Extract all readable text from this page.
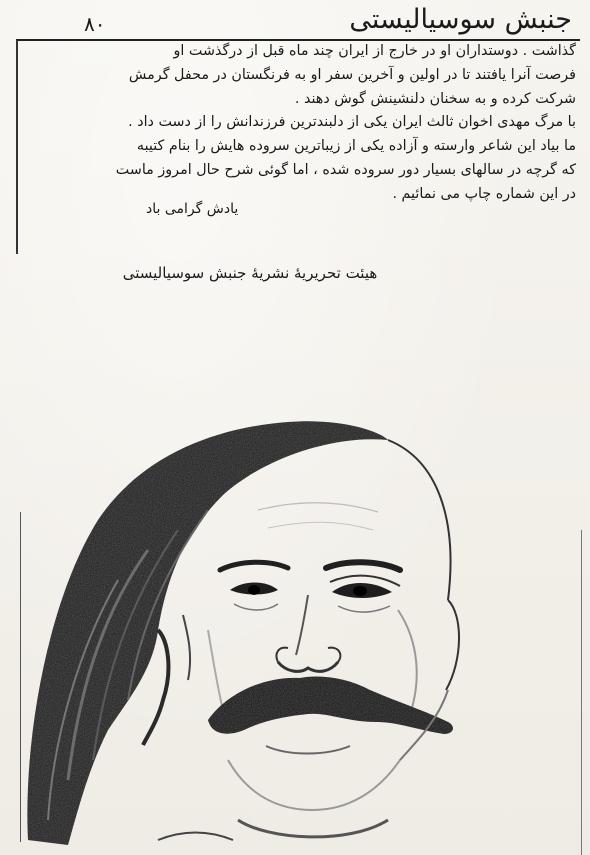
۸۰	جنبش سوسیالیستی
گذاشت . دوستداران او در خارج از ایران چند ماه قبل از درگذشت او
فرصت آنرا یافتند تا در اولین و آخرین سفر او به فرنگستان در محفل گرمش
شرکت کرده و به سخنان دلنشینش گوش دهند .
با مرگ مهدی اخوان ثالث ایران یکی از دلبندترین فرزندانش را از دست داد .
ما بیاد این شاعر وارسته و آزاده یکی از زیباترین سروده هایش را بنام کتیبه
که گرچه در سالهای بسیار دور سروده شده ، اما گوئی شرح حال امروز ماست
در این شماره چاپ می نمائیم .
یادش گرامی باد
هیئت تحریریهٔ نشریهٔ جنبش سوسیالیستی
